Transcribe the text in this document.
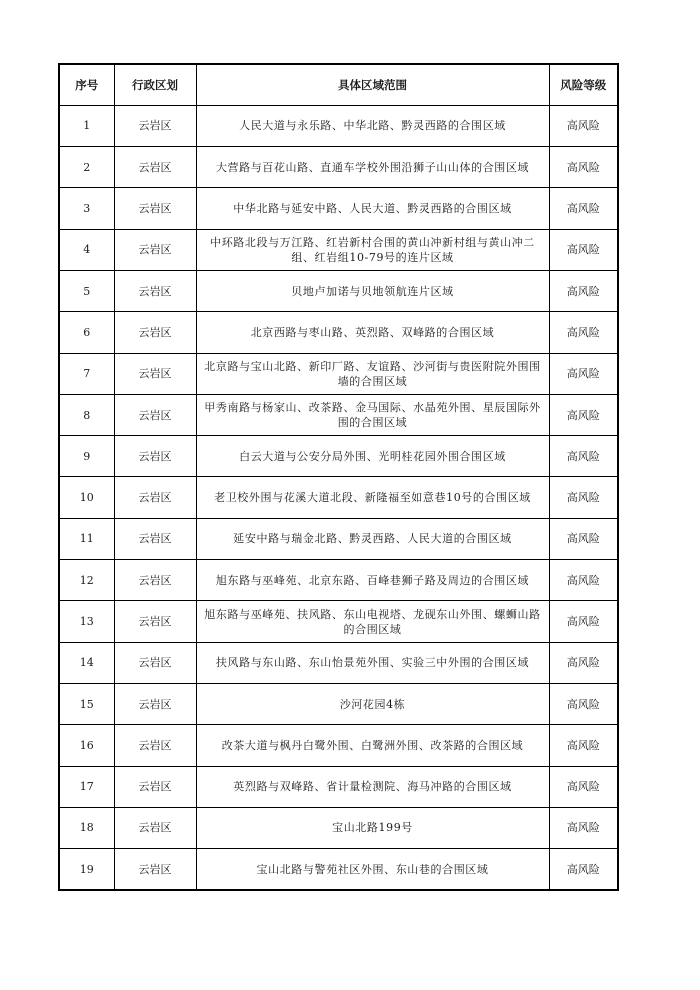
序号	行政区划	具体区域范围	风险等级
1	云岩区	人民大道与永乐路、中华北路、黔灵西路的合围区域	高风险
2	云岩区	大营路与百花山路、直通车学校外围沿狮子山山体的合围区域	高风险
3	云岩区	中华北路与延安中路、人民大道、黔灵西路的合围区域	高风险
4	云岩区	中环路北段与万江路、红岩新村合围的黄山冲新村组与黄山冲二组、红岩组10-79号的连片区域	高风险
5	云岩区	贝地卢加诺与贝地领航连片区域	高风险
6	云岩区	北京西路与枣山路、英烈路、双峰路的合围区域	高风险
7	云岩区	北京路与宝山北路、新印厂路、友谊路、沙河街与贵医附院外围围墙的合围区域	高风险
8	云岩区	甲秀南路与杨家山、改茶路、金马国际、水晶苑外围、星辰国际外围的合围区域	高风险
9	云岩区	白云大道与公安分局外围、光明桂花园外围合围区域	高风险
10	云岩区	老卫校外围与花溪大道北段、新隆福至如意巷10号的合围区域	高风险
11	云岩区	延安中路与瑞金北路、黔灵西路、人民大道的合围区域	高风险
12	云岩区	旭东路与巫峰苑、北京东路、百峰巷狮子路及周边的合围区域	高风险
13	云岩区	旭东路与巫峰苑、扶风路、东山电视塔、龙砚东山外围、螺蛳山路的合围区域	高风险
14	云岩区	扶风路与东山路、东山怡景苑外围、实验三中外围的合围区域	高风险
15	云岩区	沙河花园4栋	高风险
16	云岩区	改茶大道与枫丹白鹭外围、白鹭洲外围、改茶路的合围区域	高风险
17	云岩区	英烈路与双峰路、省计量检测院、海马冲路的合围区域	高风险
18	云岩区	宝山北路199号	高风险
19	云岩区	宝山北路与警苑社区外围、东山巷的合围区域	高风险
